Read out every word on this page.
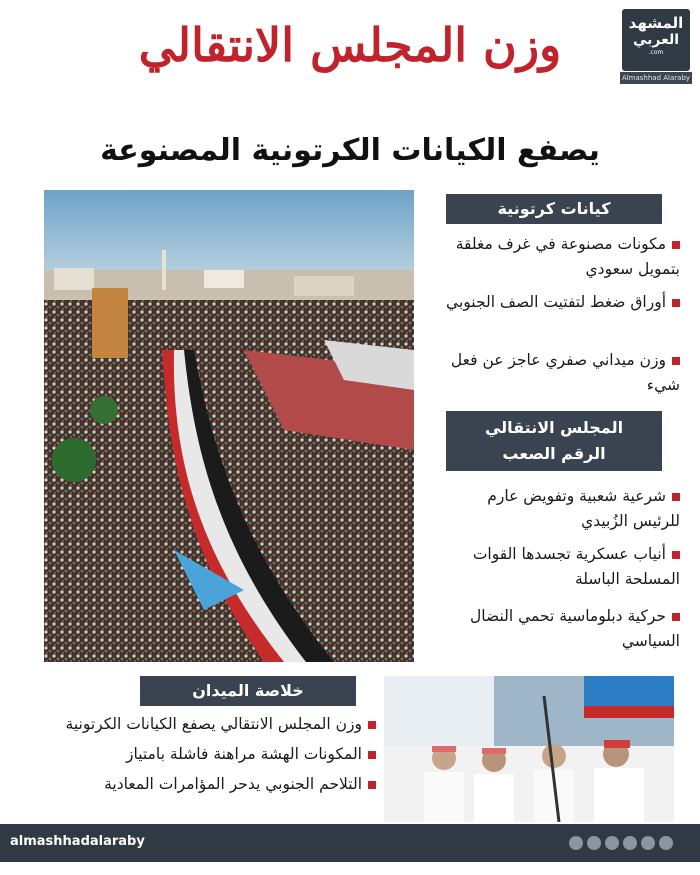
المشهد
العربي
.com
Almashhad Alaraby
وزن المجلس الانتقالي
يصفع الكيانات الكرتونية المصنوعة
كيانات كرتونية
مكونات مصنوعة في غرف مغلقة بتمويل سعودي
أوراق ضغط لتفتيت الصف الجنوبي
وزن ميداني صفري عاجز عن فعل شيء
المجلس الانتقالي
الرقم الصعب
شرعية شعبية وتفويض عارم للرئيس الزُبيدي
أنياب عسكرية تجسدها القوات المسلحة الباسلة
حركية دبلوماسية تحمي النضال السياسي
خلاصة الميدان
وزن المجلس الانتقالي يصفع الكيانات الكرتونية
المكونات الهشة مراهنة فاشلة بامتياز
التلاحم الجنوبي يدحر المؤامرات المعادية
almashhadalaraby
